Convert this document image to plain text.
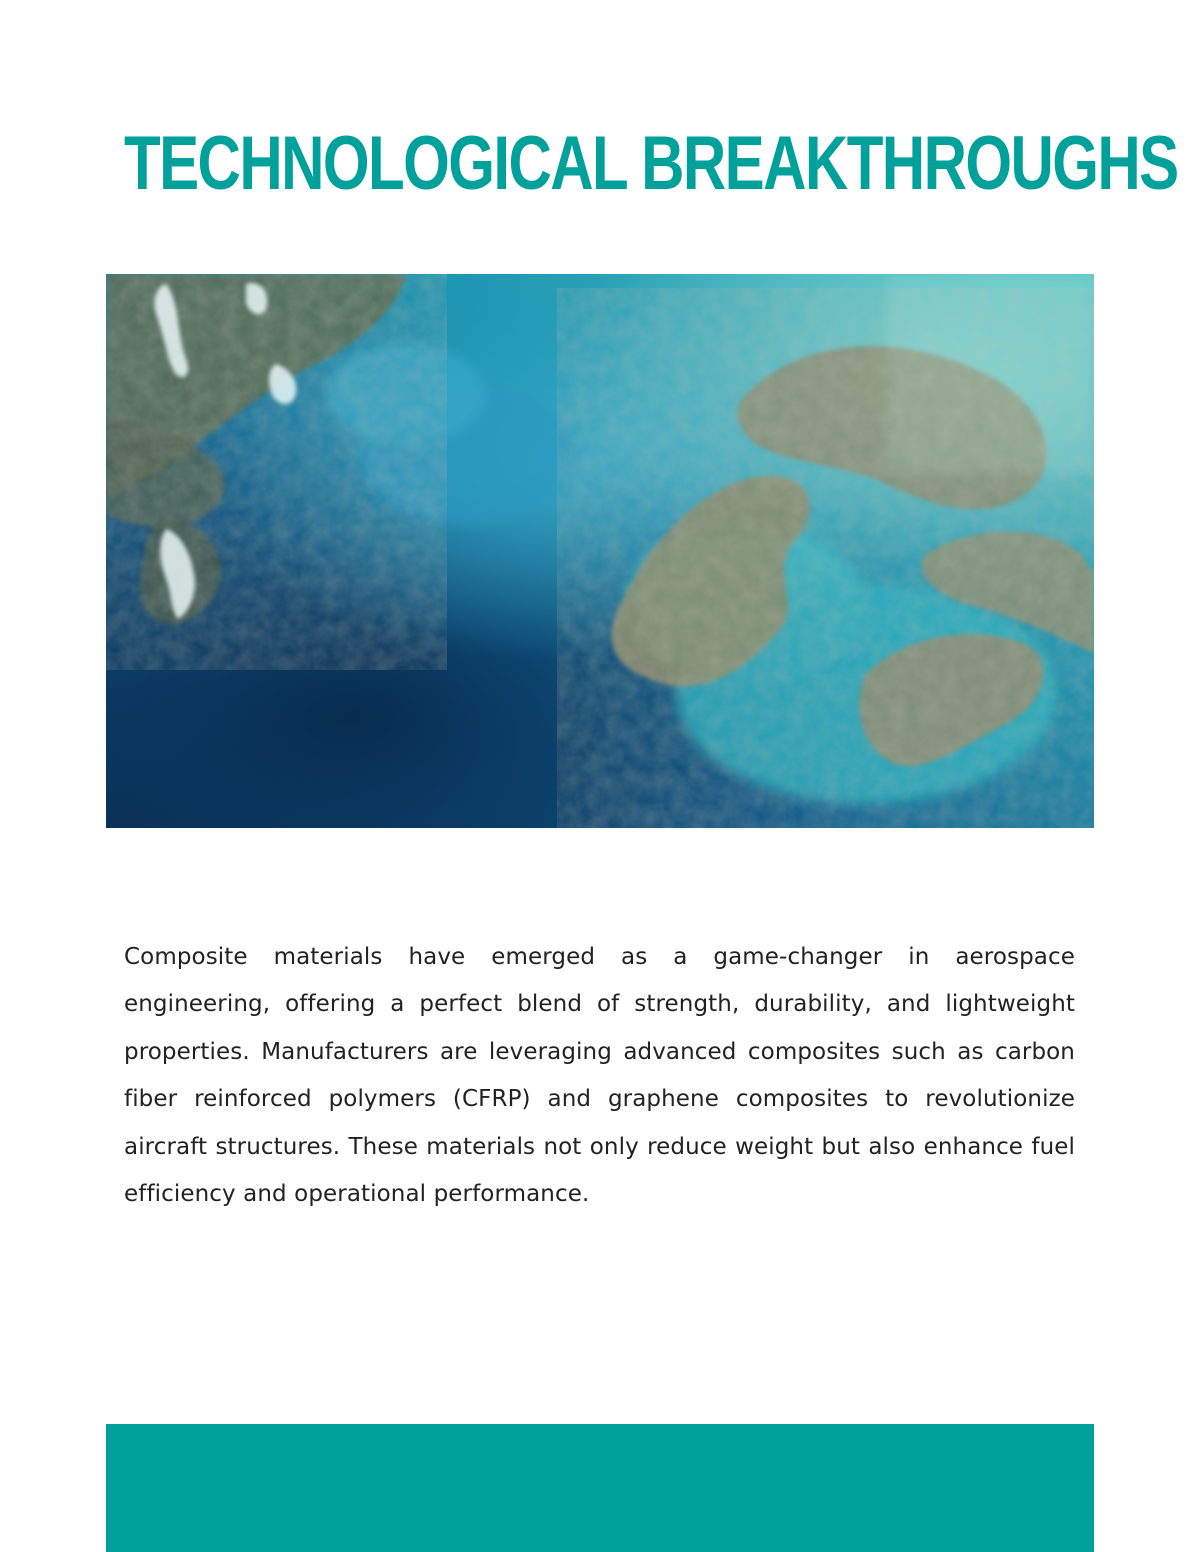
TECHNOLOGICAL BREAKTHROUGHS

Composite materials have emerged as a game-changer in aerospace engineering, offering a perfect blend of strength, durability, and lightweight properties. Manufacturers are leveraging advanced composites such as carbon fiber reinforced polymers (CFRP) and graphene composites to revolutionize aircraft structures. These materials not only reduce weight but also enhance fuel efficiency and operational performance.
